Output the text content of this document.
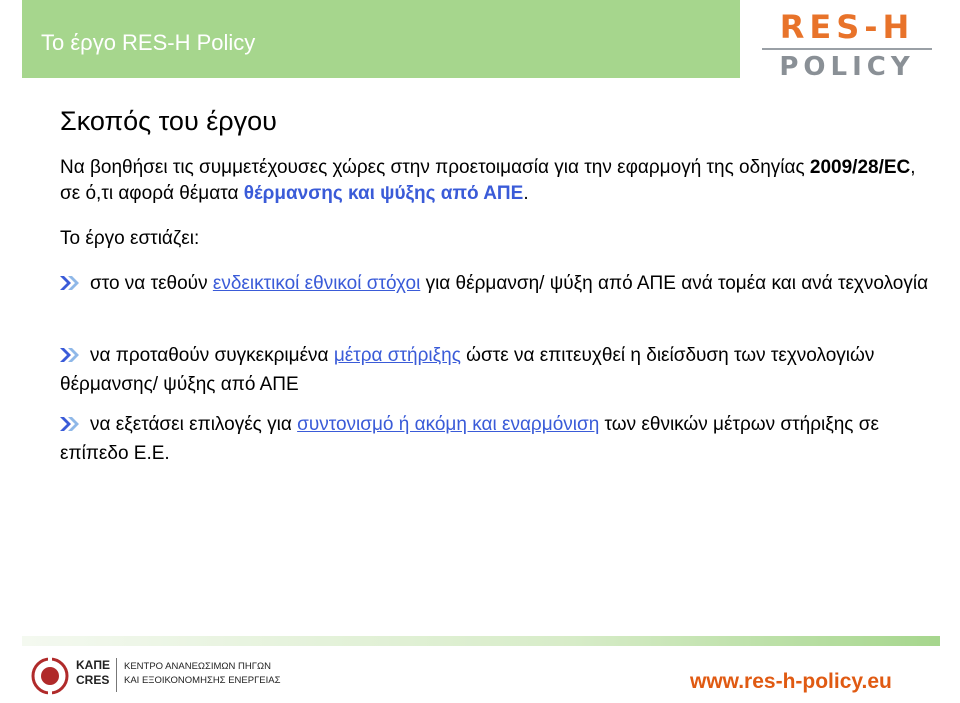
Το έργο RES-H Policy	RES-H
POLICY
Σκοπός του έργου
Να βοηθήσει τις συμμετέχουσες χώρες στην προετοιμασία για την εφαρμογή της οδηγίας 2009/28/EC, σε ό,τι αφορά θέματα θέρμανσης και ψύξης από ΑΠΕ.
Το έργο εστιάζει:
στο να τεθούν ενδεικτικοί εθνικοί στόχοι για θέρμανση/ ψύξη από ΑΠΕ ανά τομέα και ανά τεχνολογία
να προταθούν συγκεκριμένα μέτρα στήριξης ώστε να επιτευχθεί η διείσδυση των τεχνολογιών θέρμανσης/ ψύξης από ΑΠΕ
να εξετάσει επιλογές για συντονισμό ή ακόμη και εναρμόνιση των εθνικών μέτρων στήριξης σε επίπεδο Ε.Ε.
ΚΑΠΕ
CRES
ΚΕΝΤΡΟ ΑΝΑΝΕΩΣΙΜΩΝ ΠΗΓΩΝ
ΚΑΙ ΕΞΟΙΚΟΝΟΜΗΣΗΣ ΕΝΕΡΓΕΙΑΣ	www.res-h-policy.eu
